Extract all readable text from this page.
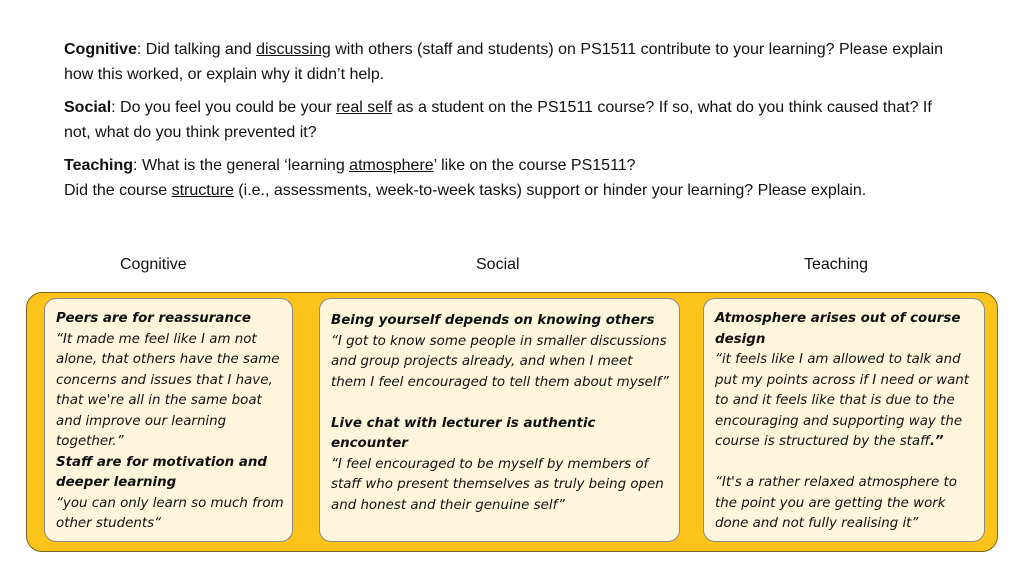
Cognitive: Did talking and discussing with others (staff and students) on PS1511 contribute to your learning? Please explain how this worked, or explain why it didn’t help.
Social: Do you feel you could be your real self as a student on the PS1511 course? If so, what do you think caused that? If not, what do you think prevented it?
Teaching: What is the general ‘learning atmosphere’ like on the course PS1511?
Did the course structure (i.e., assessments, week-to-week tasks) support or hinder your learning? Please explain.
Cognitive	Social	Teaching
Peers are for reassurance
“It made me feel like I am not alone, that others have the same concerns and issues that I have, that we're all in the same boat and improve our learning together.”
Staff are for motivation and deeper learning
“you can only learn so much from other students“
Being yourself depends on knowing others
“I got to know some people in smaller discussions and group projects already, and when I meet them I feel encouraged to tell them about myself”
Live chat with lecturer is authentic encounter
“I feel encouraged to be myself by members of staff who present themselves as truly being open and honest and their genuine self”
Atmosphere arises out of course design
“it feels like I am allowed to talk and put my points across if I need or want to and it feels like that is due to the encouraging and supporting way the course is structured by the staff.”
“It's a rather relaxed atmosphere to the point you are getting the work done and not fully realising it”
